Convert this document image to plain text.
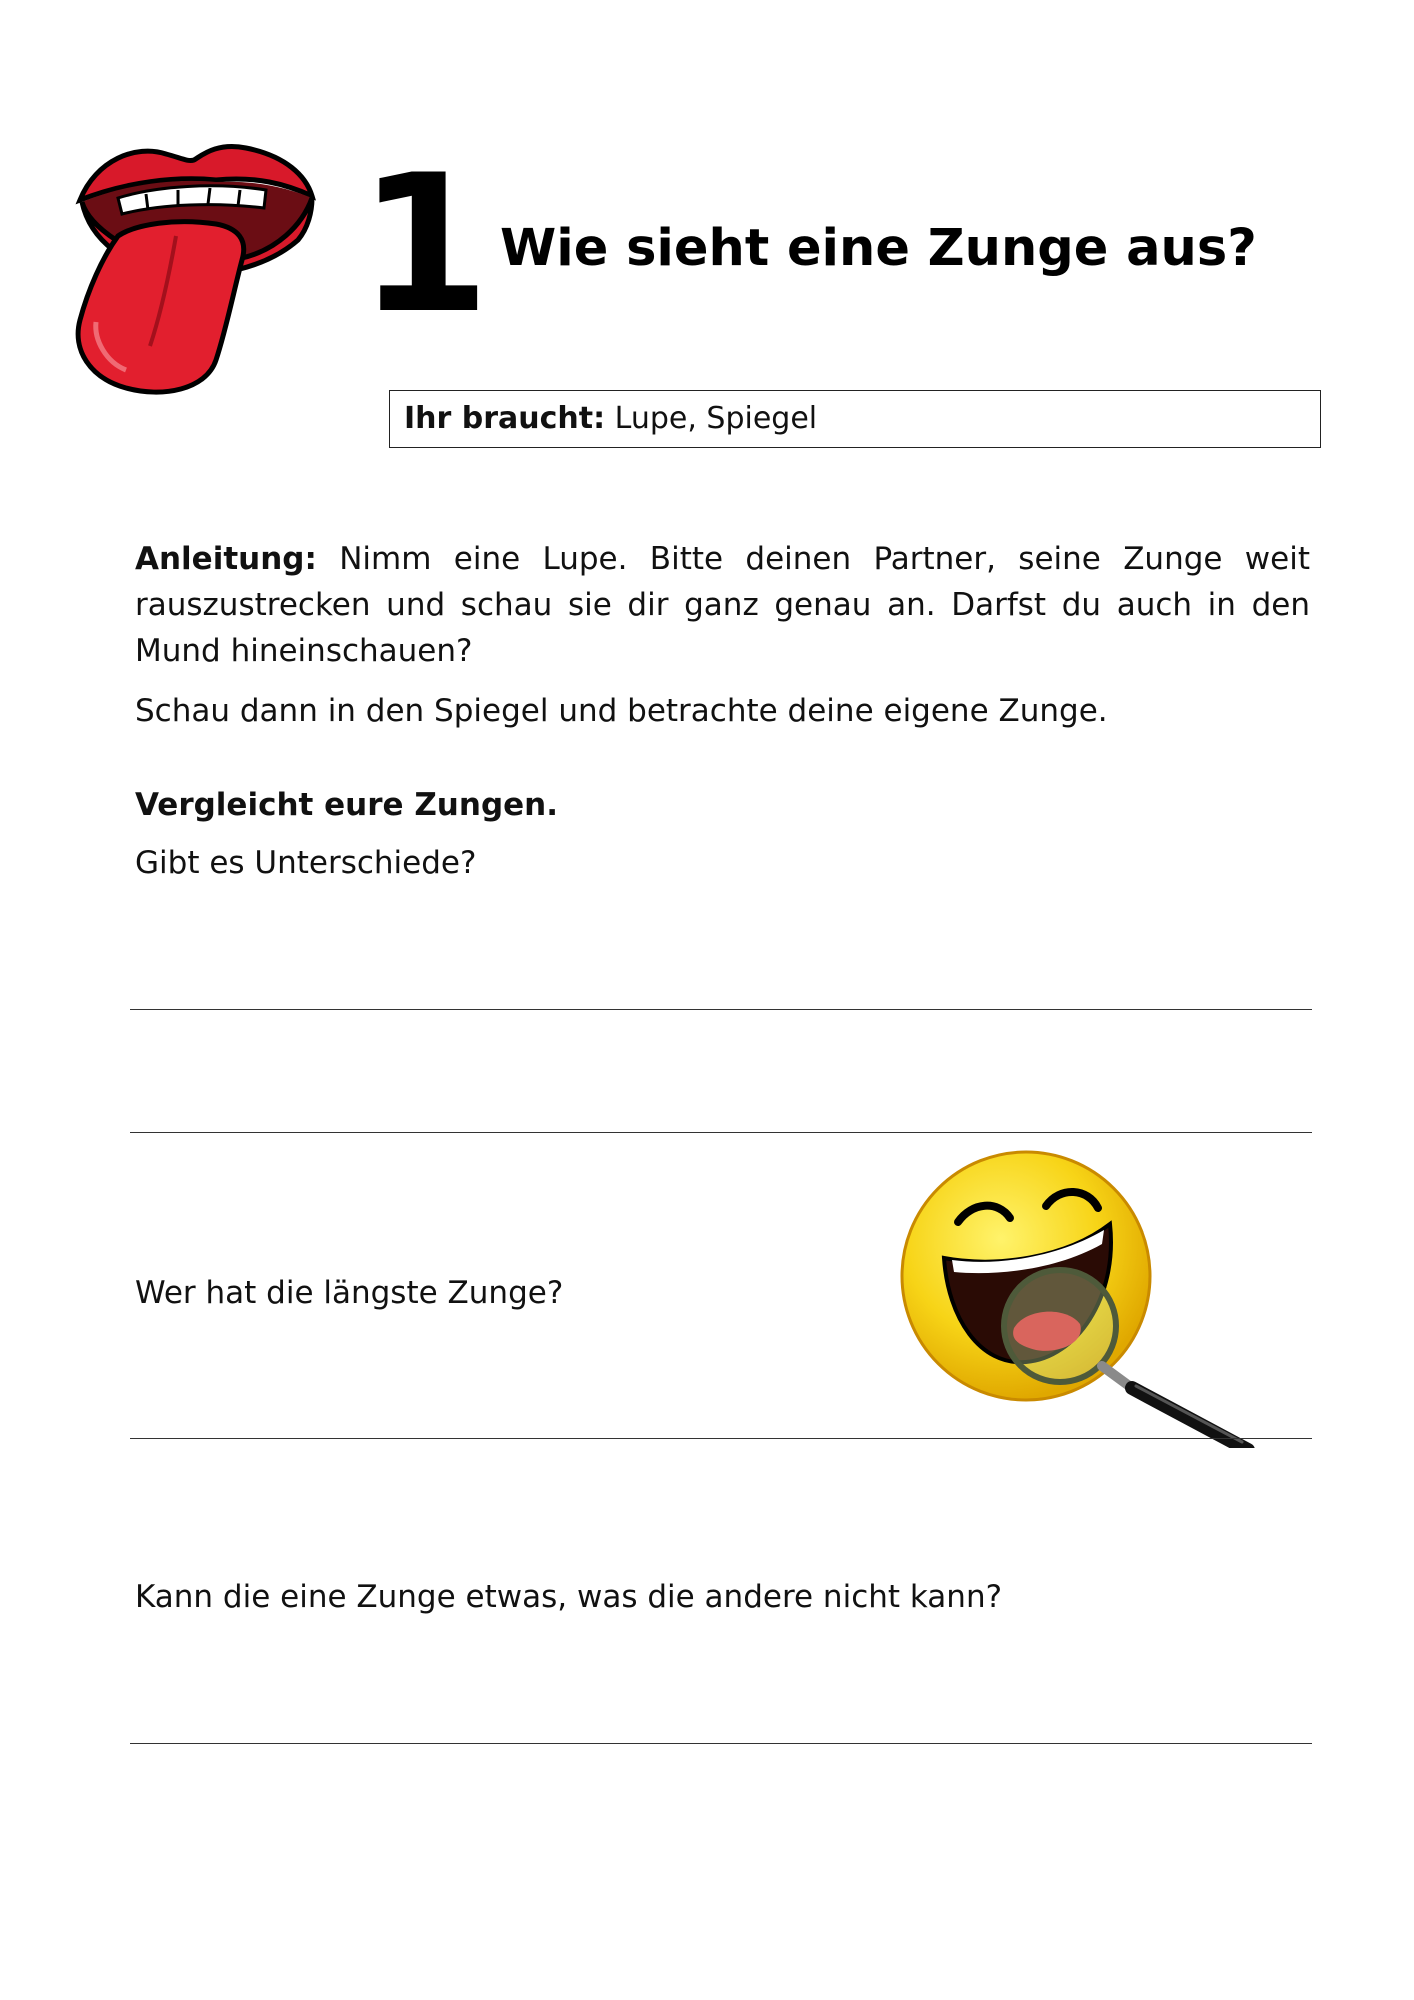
1 Wie sieht eine Zunge aus?
Ihr braucht: Lupe, Spiegel
Anleitung: Nimm eine Lupe. Bitte deinen Partner, seine Zunge weit rauszustrecken und schau sie dir ganz genau an. Darfst du auch in den Mund hineinschauen?
Schau dann in den Spiegel und betrachte deine eigene Zunge.
Vergleicht eure Zungen.
Gibt es Unterschiede?
Wer hat die längste Zunge?
Kann die eine Zunge etwas, was die andere nicht kann?
